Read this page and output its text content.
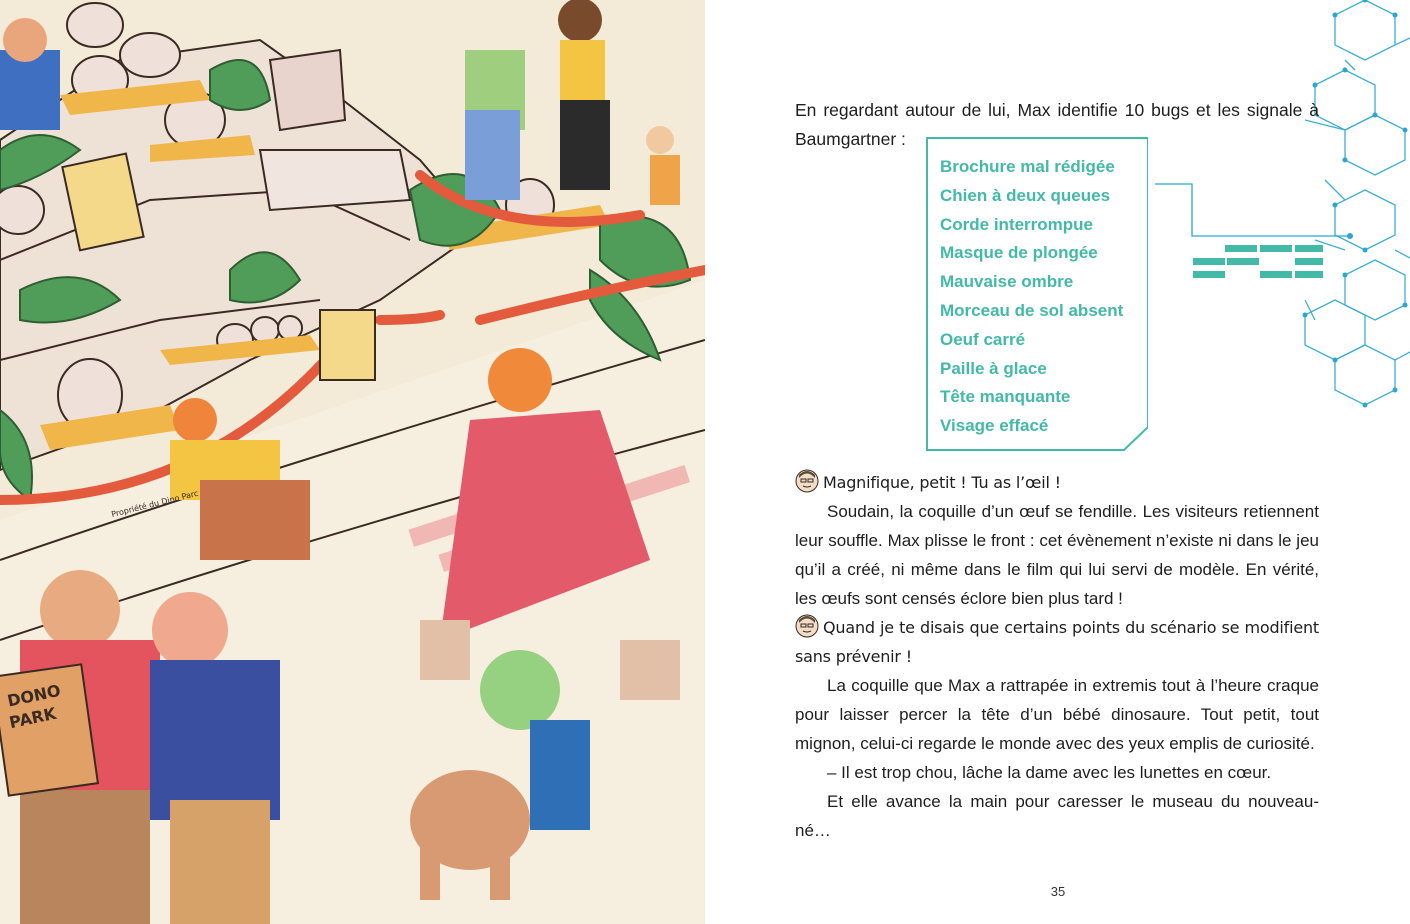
DONO
PARK
Propriété du Dino Parc

En regardant autour de lui, Max identifie 10 bugs et les signale à Baumgartner :

Brochure mal rédigée
Chien à deux queues
Corde interrompue
Masque de plongée
Mauvaise ombre
Morceau de sol absent
Oeuf carré
Paille à glace
Tête manquante
Visage effacé

Magnifique, petit ! Tu as l’œil !

Soudain, la coquille d’un œuf se fendille. Les visiteurs retiennent leur souffle. Max plisse le front : cet évènement n’existe ni dans le jeu qu’il a créé, ni même dans le film qui lui servi de modèle. En vérité, les œufs sont censés éclore bien plus tard !

Quand je te disais que certains points du scénario se modifient sans prévenir !

La coquille que Max a rattrapée in extremis tout à l’heure craque pour laisser percer la tête d’un bébé dinosaure. Tout petit, tout mignon, celui-ci regarde le monde avec des yeux emplis de curiosité.

– Il est trop chou, lâche la dame avec les lunettes en cœur.

Et elle avance la main pour caresser le museau du nouveau-né…

35
